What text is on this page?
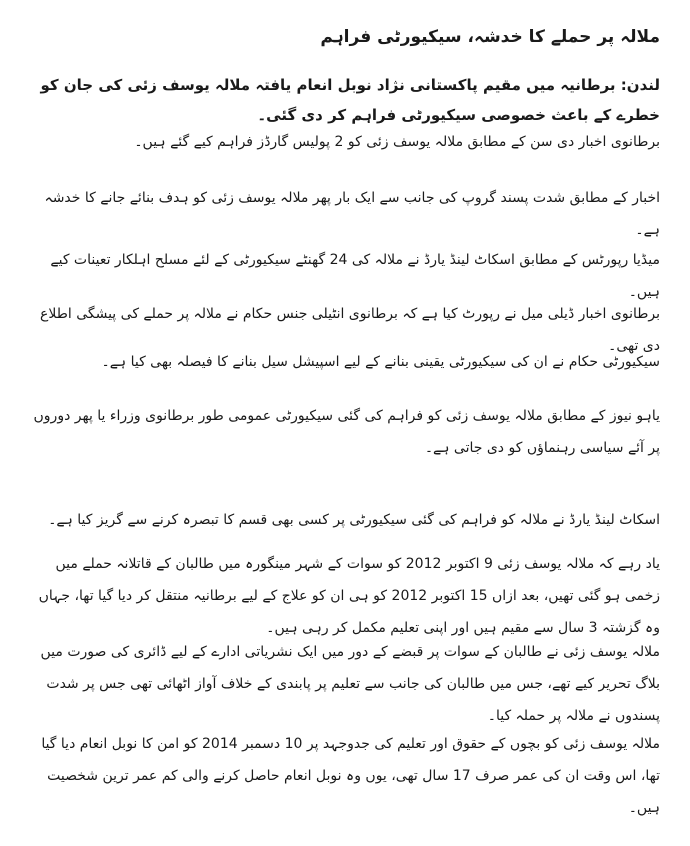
ملالہ پر حملے کا خدشہ، سیکیورٹی فراہم

لندن: برطانیہ میں مقیم پاکستانی نژاد نوبل انعام یافتہ ملالہ یوسف زئی کی جان کو خطرے کے باعث خصوصی سیکیورٹی فراہم کر دی گئی۔

برطانوی اخبار دی سن کے مطابق ملالہ یوسف زئی کو 2 پولیس گارڈز فراہم کیے گئے ہیں۔

اخبار کے مطابق شدت پسند گروپ کی جانب سے ایک بار پھر ملالہ یوسف زئی کو ہدف بنائے جانے کا خدشہ ہے۔

میڈیا رپورٹس کے مطابق اسکاٹ لینڈ یارڈ نے ملالہ کی 24 گھنٹے سیکیورٹی کے لئے مسلح اہلکار تعینات کیے ہیں۔

برطانوی اخبار ڈیلی میل نے رپورٹ کیا ہے کہ برطانوی انٹیلی جنس حکام نے ملالہ پر حملے کی پیشگی اطلاع دی تھی۔

سیکیورٹی حکام نے ان کی سیکیورٹی یقینی بنانے کے لیے اسپیشل سیل بنانے کا فیصلہ بھی کیا ہے۔

یاہو نیوز کے مطابق ملالہ یوسف زئی کو فراہم کی گئی سیکیورٹی عمومی طور برطانوی وزراء یا پھر دوروں پر آئے سیاسی رہنماؤں کو دی جاتی ہے۔

اسکاٹ لینڈ یارڈ نے ملالہ کو فراہم کی گئی سیکیورٹی پر کسی بھی قسم کا تبصرہ کرنے سے گریز کیا ہے۔

یاد رہے کہ ملالہ یوسف زئی 9 اکتوبر 2012 کو سوات کے شہر مینگورہ میں طالبان کے قاتلانہ حملے میں زخمی ہو گئی تھیں، بعد ازاں 15 اکتوبر 2012 کو ہی ان کو علاج کے لیے برطانیہ منتقل کر دیا گیا تھا، جہاں وہ گزشتہ 3 سال سے مقیم ہیں اور اپنی تعلیم مکمل کر رہی ہیں۔

ملالہ یوسف زئی نے طالبان کے سوات پر قبضے کے دور میں ایک نشریاتی ادارے کے لیے ڈائری کی صورت میں بلاگ تحریر کیے تھے، جس میں طالبان کی جانب سے تعلیم پر پابندی کے خلاف آواز اٹھائی تھی جس پر شدت پسندوں نے ملالہ پر حملہ کیا۔

ملالہ یوسف زئی کو بچوں کے حقوق اور تعلیم کی جدوجہد پر 10 دسمبر 2014 کو امن کا نوبل انعام دیا گیا تھا، اس وقت ان کی عمر صرف 17 سال تھی، یوں وہ نوبل انعام حاصل کرنے والی کم عمر ترین شخصیت ہیں۔
